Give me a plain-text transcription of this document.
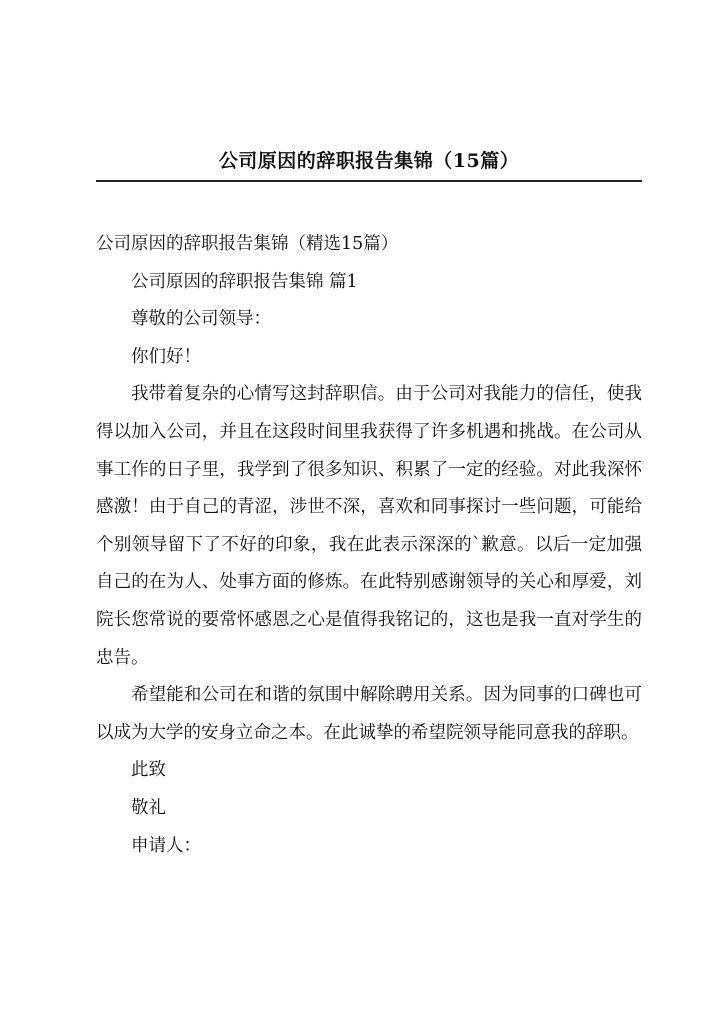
公司原因的辞职报告集锦（15篇）

公司原因的辞职报告集锦（精选15篇）

公司原因的辞职报告集锦 篇1

尊敬的公司领导：

你们好！

我带着复杂的心情写这封辞职信。由于公司对我能力的信任，使我得以加入公司，并且在这段时间里我获得了许多机遇和挑战。在公司从事工作的日子里，我学到了很多知识、积累了一定的经验。对此我深怀感激！由于自己的青涩，涉世不深，喜欢和同事探讨一些问题，可能给个别领导留下了不好的印象，我在此表示深深的`歉意。以后一定加强自己的在为人、处事方面的修炼。在此特别感谢领导的关心和厚爱，刘院长您常说的要常怀感恩之心是值得我铭记的，这也是我一直对学生的忠告。

希望能和公司在和谐的氛围中解除聘用关系。因为同事的口碑也可以成为大学的安身立命之本。在此诚挚的希望院领导能同意我的辞职。

此致

敬礼

申请人：
